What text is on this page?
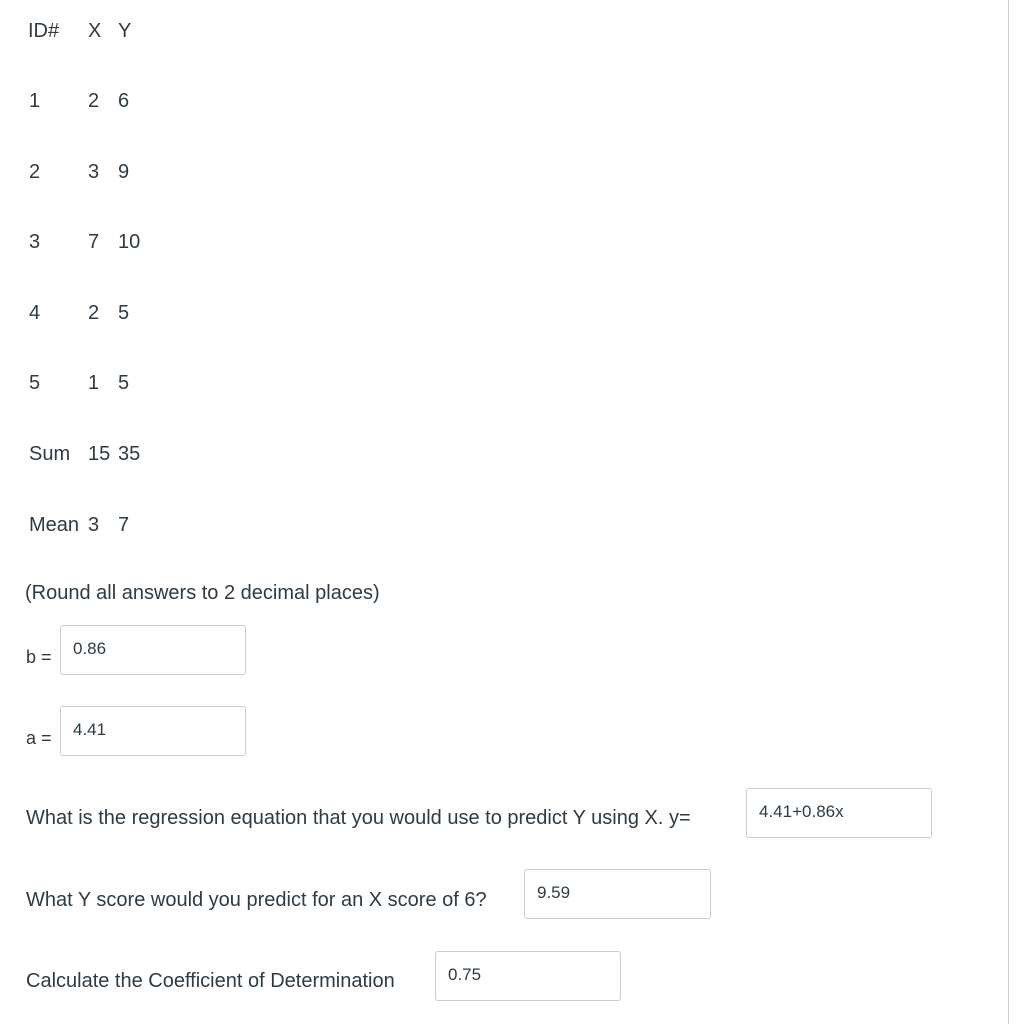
ID# X Y
1 2 6
2 3 9
3 7 10
4 2 5
5 1 5
Sum 15 35
Mean 3 7
(Round all answers to 2 decimal places)
b =	0.86
a =	4.41
What is the regression equation that you would use to predict Y using X. y=	4.41+0.86x
What Y score would you predict for an X score of 6?	9.59
Calculate the Coefficient of Determination	0.75
